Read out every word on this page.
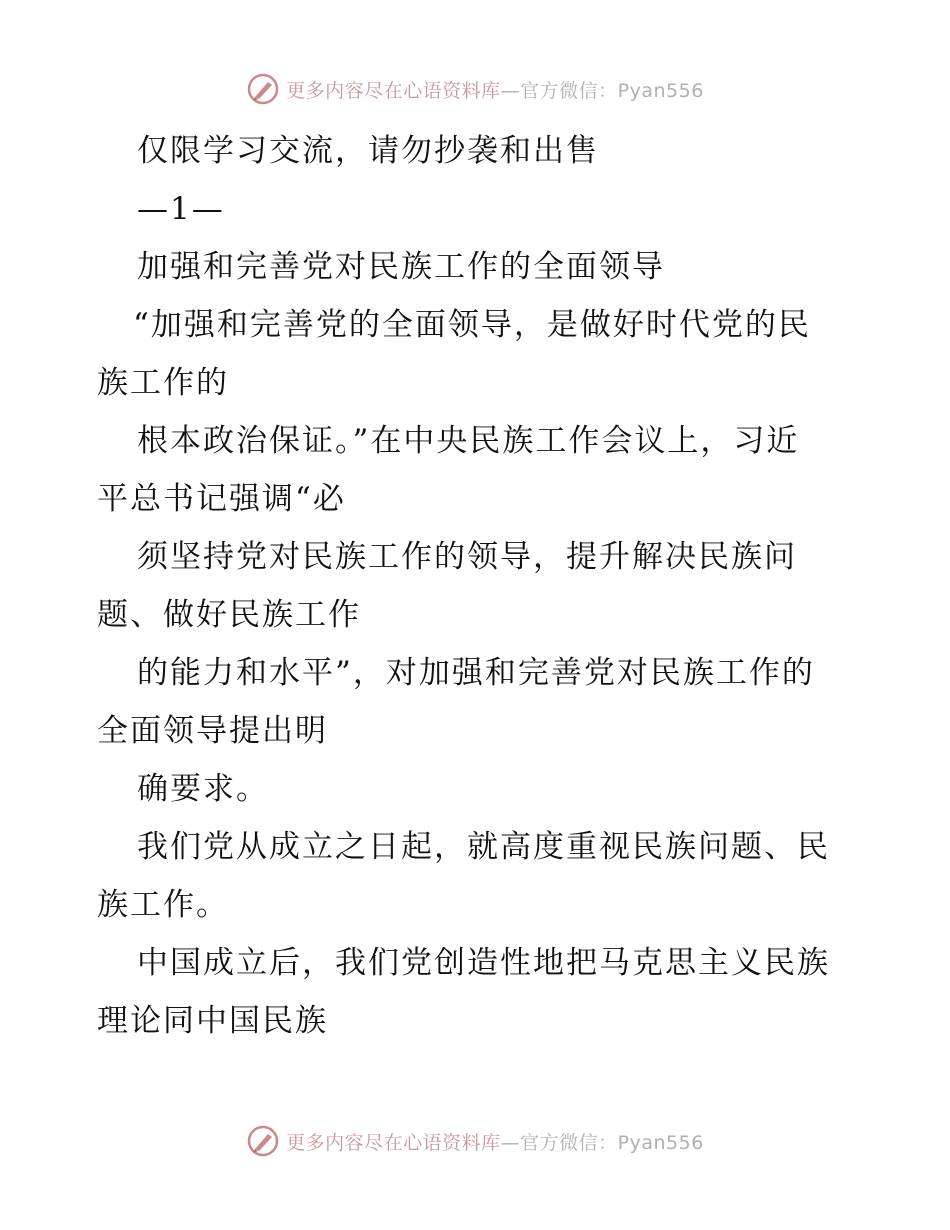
更多内容尽在心语资料库 —官方微信：Pyan556
仅限学习交流，请勿抄袭和出售
—1—
加强和完善党对民族工作的全面领导
“加强和完善党的全面领导，是做好时代党的民
族工作的
根本政治保证。”在中央民族工作会议上，习近
平总书记强调“必
须坚持党对民族工作的领导，提升解决民族问
题、做好民族工作
的能力和水平”，对加强和完善党对民族工作的
全面领导提出明
确要求。
我们党从成立之日起，就高度重视民族问题、民
族工作。
中国成立后，我们党创造性地把马克思主义民族
理论同中国民族
更多内容尽在心语资料库 —官方微信：Pyan556
